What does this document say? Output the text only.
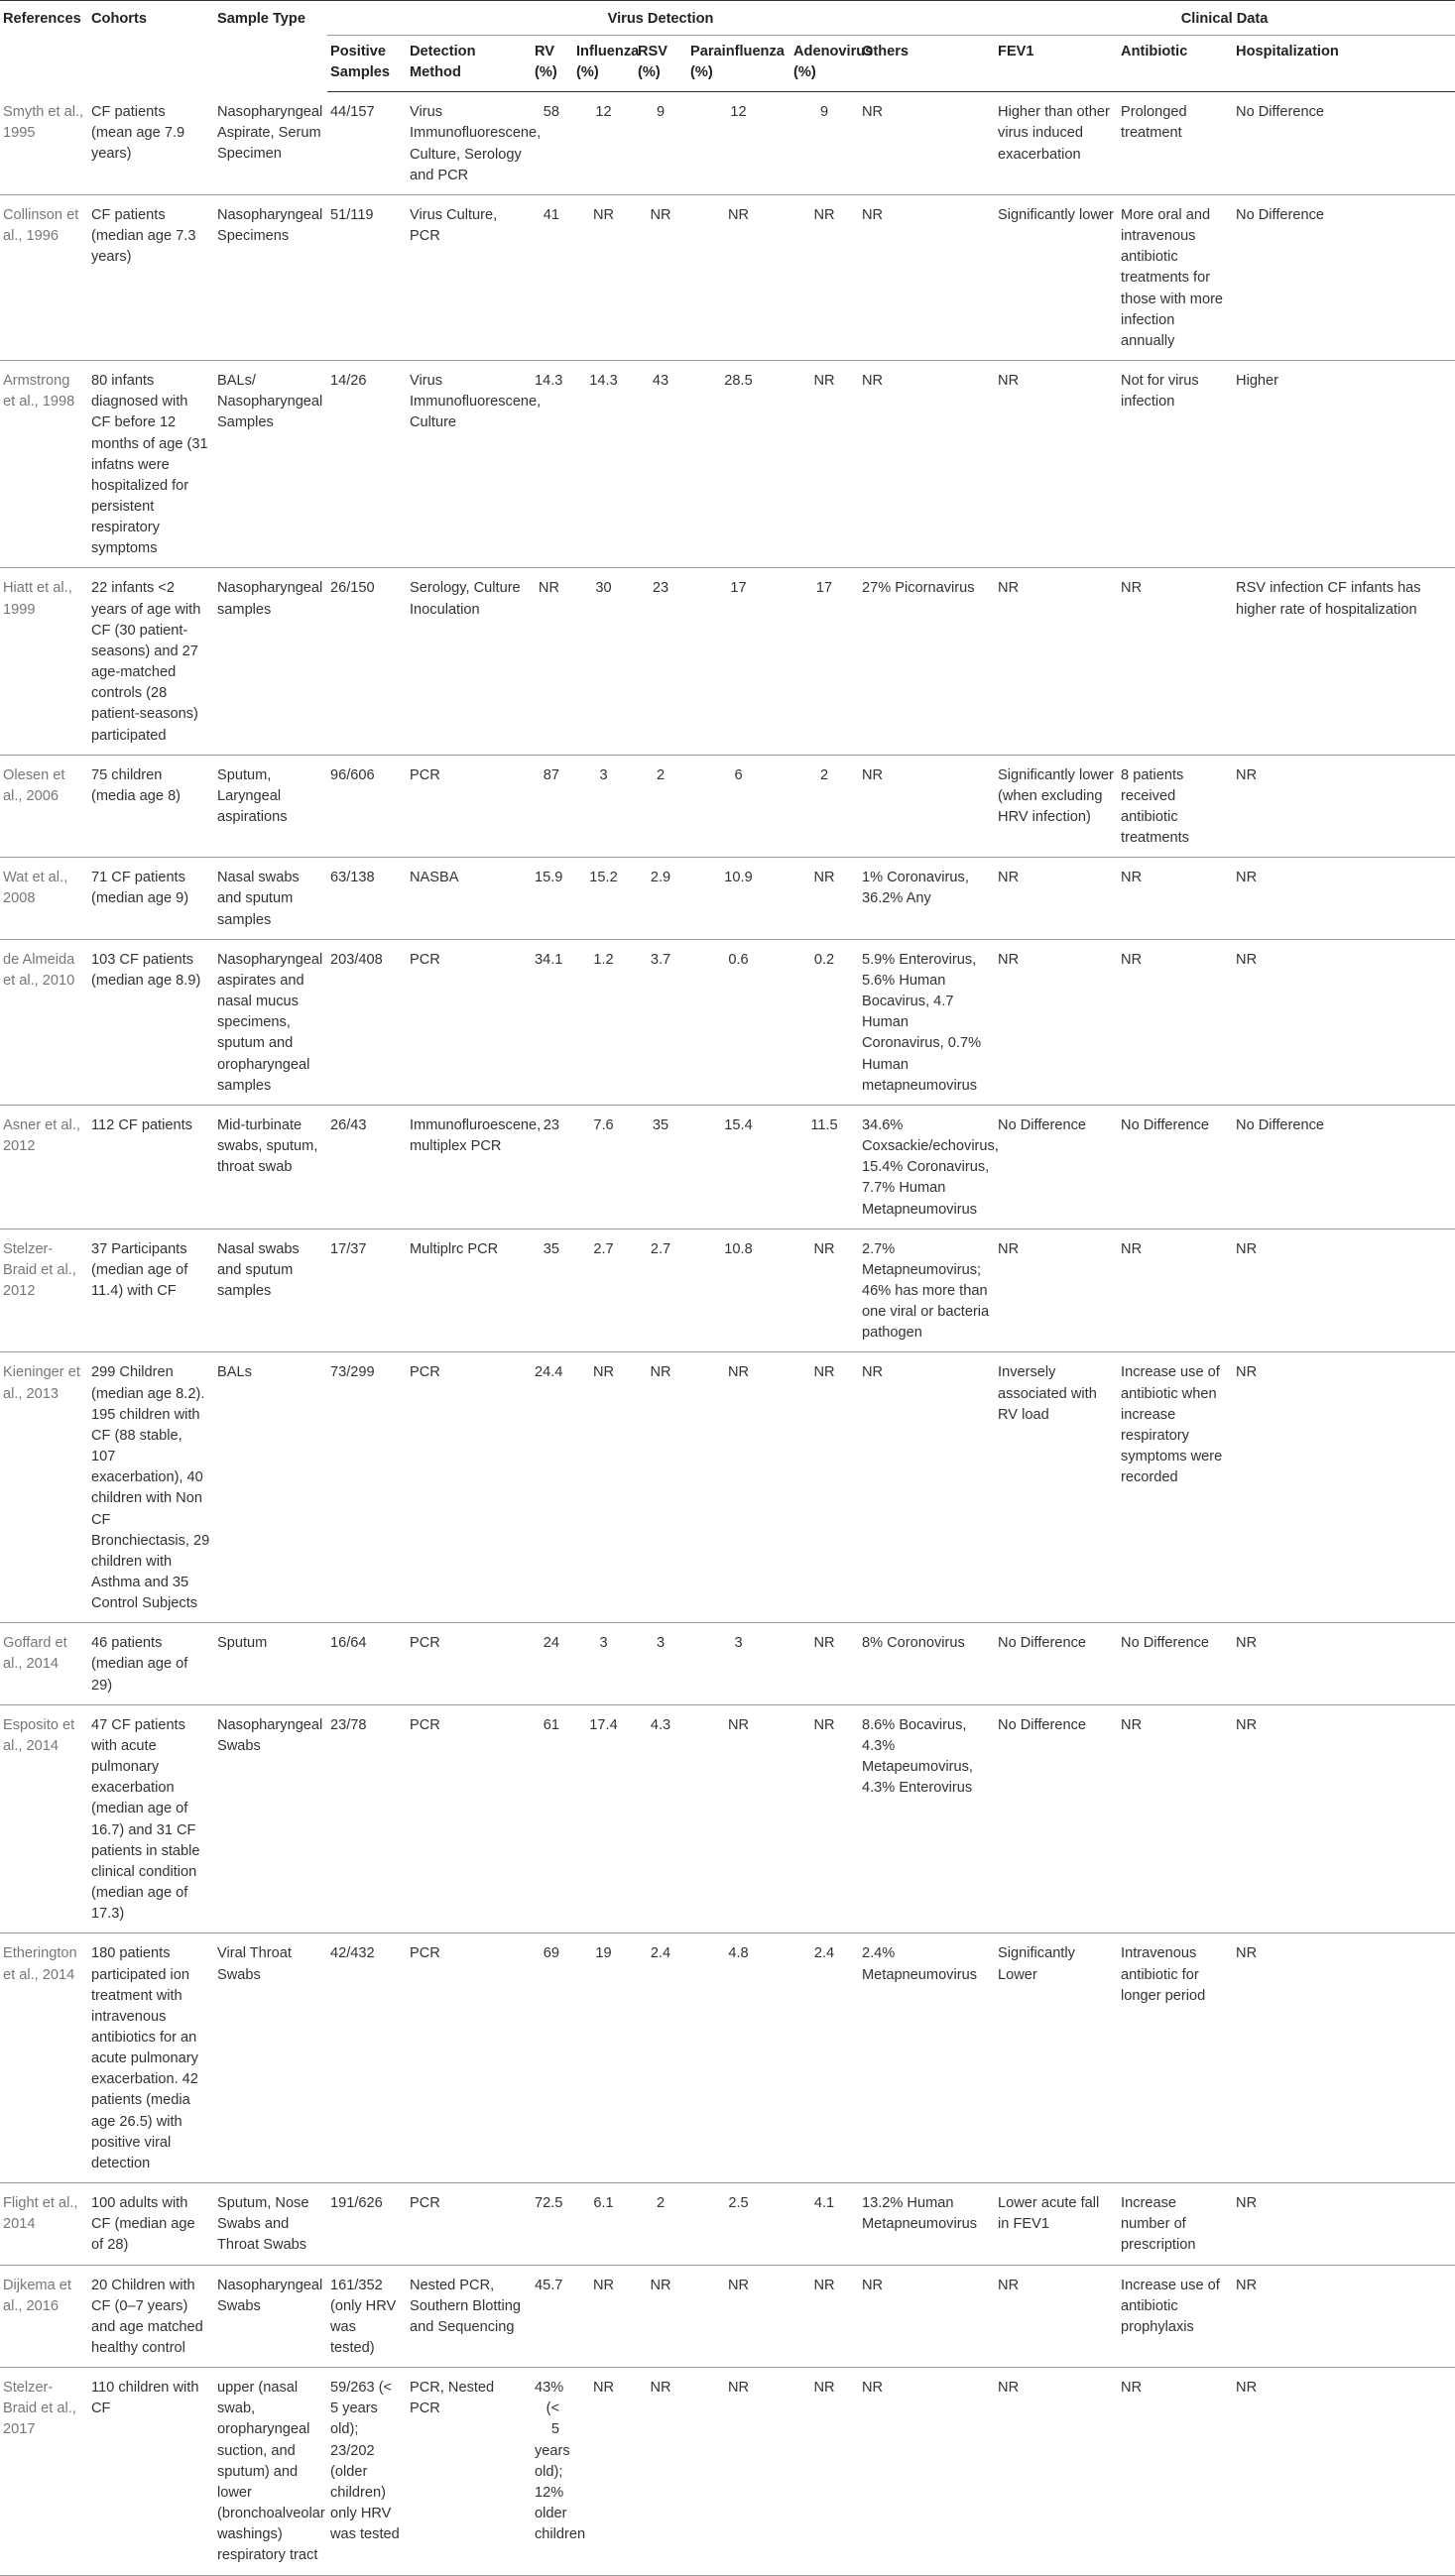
References	Cohorts	Sample Type	Virus Detection								Clinical Data		
			Positive Samples	Detection Method	RV (%)	Influenza (%)	RSV (%)	Parainfluenza (%)	Adenovirus (%)	Others	FEV1	Antibiotic	Hospitalization
Smyth et al., 1995	CF patients (mean age 7.9 years)	Nasopharyngeal Aspirate, Serum Specimen	44/157	Virus Immunofluorescene, Culture, Serology and PCR	58	12	9	12	9	NR	Higher than other virus induced exacerbation	Prolonged treatment	No Difference
Collinson et al., 1996	CF patients (median age 7.3 years)	Nasopharyngeal Specimens	51/119	Virus Culture, PCR	41	NR	NR	NR	NR	NR	Significantly lower	More oral and intravenous antibiotic treatments for those with more infection annually	No Difference
Armstrong et al., 1998	80 infants diagnosed with CF before 12 months of age (31 infatns were hospitalized for persistent respiratory symptoms	BALs/ Nasopharyngeal Samples	14/26	Virus Immunofluorescene, Culture	14.3	14.3	43	28.5	NR	NR	NR	Not for virus infection	Higher
Hiatt et al., 1999	22 infants <2 years of age with CF (30 patient-seasons) and 27 age-matched controls (28 patient-seasons) participated	Nasopharyngeal samples	26/150	Serology, Culture Inoculation	NR	30	23	17	17	27% Picornavirus	NR	NR	RSV infection CF infants has higher rate of hospitalization
Olesen et al., 2006	75 children (media age 8)	Sputum, Laryngeal aspirations	96/606	PCR	87	3	2	6	2	NR	Significantly lower (when excluding HRV infection)	8 patients received antibiotic treatments	NR
Wat et al., 2008	71 CF patients (median age 9)	Nasal swabs and sputum samples	63/138	NASBA	15.9	15.2	2.9	10.9	NR	1% Coronavirus, 36.2% Any	NR	NR	NR
de Almeida et al., 2010	103 CF patients (median age 8.9)	Nasopharyngeal aspirates and nasal mucus specimens, sputum and oropharyngeal samples	203/408	PCR	34.1	1.2	3.7	0.6	0.2	5.9% Enterovirus, 5.6% Human Bocavirus, 4.7 Human Coronavirus, 0.7% Human metapneumovirus	NR	NR	NR
Asner et al., 2012	112 CF patients	Mid-turbinate swabs, sputum, throat swab	26/43	Immunofluroescene, multiplex PCR	23	7.6	35	15.4	11.5	34.6% Coxsackie/echovirus, 15.4% Coronavirus, 7.7% Human Metapneumovirus	No Difference	No Difference	No Difference
Stelzer-Braid et al., 2012	37 Participants (median age of 11.4) with CF	Nasal swabs and sputum samples	17/37	Multiplrc PCR	35	2.7	2.7	10.8	NR	2.7% Metapneumovirus; 46% has more than one viral or bacteria pathogen	NR	NR	NR
Kieninger et al., 2013	299 Children (median age 8.2). 195 children with CF (88 stable, 107 exacerbation), 40 children with Non CF Bronchiectasis, 29 children with Asthma and 35 Control Subjects	BALs	73/299	PCR	24.4	NR	NR	NR	NR	NR	Inversely associated with RV load	Increase use of antibiotic when increase respiratory symptoms were recorded	NR
Goffard et al., 2014	46 patients (median age of 29)	Sputum	16/64	PCR	24	3	3	3	NR	8% Coronovirus	No Difference	No Difference	NR
Esposito et al., 2014	47 CF patients with acute pulmonary exacerbation (median age of 16.7) and 31 CF patients in stable clinical condition (median age of 17.3)	Nasopharyngeal Swabs	23/78	PCR	61	17.4	4.3	NR	NR	8.6% Bocavirus, 4.3% Metapeumovirus, 4.3% Enterovirus	No Difference	NR	NR
Etherington et al., 2014	180 patients participated ion treatment with intravenous antibiotics for an acute pulmonary exacerbation. 42 patients (media age 26.5) with positive viral detection	Viral Throat Swabs	42/432	PCR	69	19	2.4	4.8	2.4	2.4% Metapneumovirus	Significantly Lower	Intravenous antibiotic for longer period	NR
Flight et al., 2014	100 adults with CF (median age of 28)	Sputum, Nose Swabs and Throat Swabs	191/626	PCR	72.5	6.1	2	2.5	4.1	13.2% Human Metapneumovirus	Lower acute fall in FEV1	Increase number of prescription	NR
Dijkema et al., 2016	20 Children with CF (0–7 years) and age matched healthy control	Nasopharyngeal Swabs	161/352 (only HRV was tested)	Nested PCR, Southern Blotting and Sequencing	45.7	NR	NR	NR	NR	NR	NR	Increase use of antibiotic prophylaxis	NR
Stelzer-Braid et al., 2017	110 children with CF	upper (nasal swab, oropharyngeal suction, and sputum) and lower (bronchoalveolar washings) respiratory tract	59/263 (< 5 years old); 23/202 (older children) only HRV was tested	PCR, Nested PCR	43% (< 5 years old); 12% older children	NR	NR	NR	NR	NR	NR	NR	NR
